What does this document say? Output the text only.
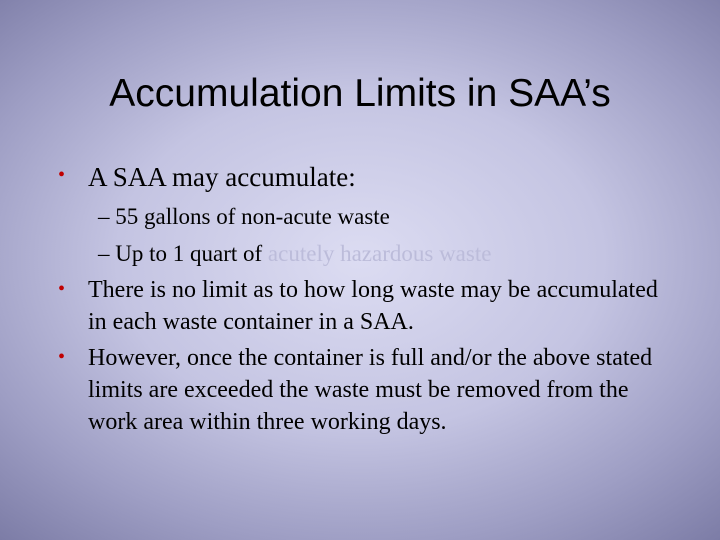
Accumulation Limits in SAA’s
• A SAA may accumulate:
– 55 gallons of non-acute waste
– Up to 1 quart of acutely hazardous waste
• There is no limit as to how long waste may be accumulated in each waste container in a SAA.
• However, once the container is full and/or the above stated limits are exceeded the waste must be removed from the work area within three working days.
